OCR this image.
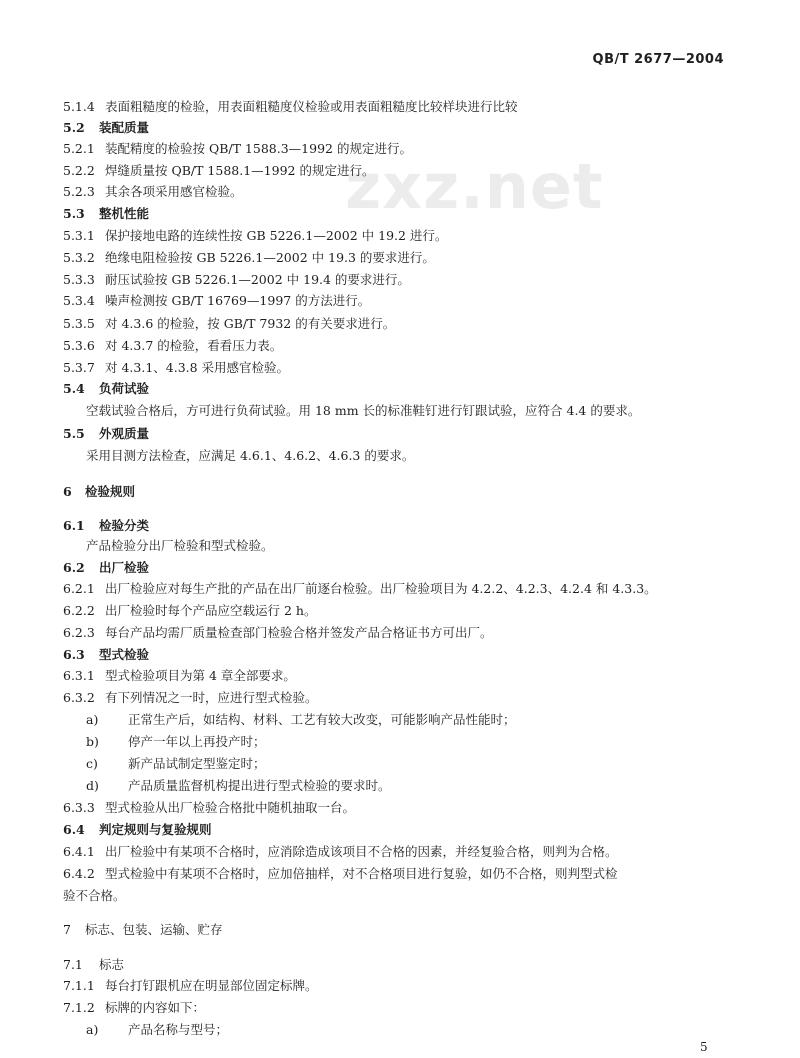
QB/T 2677—2004
zxz.net
5.1.4 表面粗糙度的检验，用表面粗糙度仪检验或用表面粗糙度比较样块进行比较
5.2 装配质量
5.2.1 装配精度的检验按 QB/T 1588.3—1992 的规定进行。
5.2.2 焊缝质量按 QB/T 1588.1—1992 的规定进行。
5.2.3 其余各项采用感官检验。
5.3 整机性能
5.3.1 保护接地电路的连续性按 GB 5226.1—2002 中 19.2 进行。
5.3.2 绝缘电阻检验按 GB 5226.1—2002 中 19.3 的要求进行。
5.3.3 耐压试验按 GB 5226.1—2002 中 19.4 的要求进行。
5.3.4 噪声检测按 GB/T 16769—1997 的方法进行。
5.3.5 对 4.3.6 的检验，按 GB/T 7932 的有关要求进行。
5.3.6 对 4.3.7 的检验，看看压力表。
5.3.7 对 4.3.1、4.3.8 采用感官检验。
5.4 负荷试验
空载试验合格后，方可进行负荷试验。用 18 mm 长的标准鞋钉进行钉跟试验，应符合 4.4 的要求。
5.5 外观质量
采用目测方法检查，应满足 4.6.1、4.6.2、4.6.3 的要求。
6 检验规则
6.1 检验分类
产品检验分出厂检验和型式检验。
6.2 出厂检验
6.2.1 出厂检验应对每生产批的产品在出厂前逐台检验。出厂检验项目为 4.2.2、4.2.3、4.2.4 和 4.3.3。
6.2.2 出厂检验时每个产品应空载运行 2 h。
6.2.3 每台产品均需厂质量检查部门检验合格并签发产品合格证书方可出厂。
6.3 型式检验
6.3.1 型式检验项目为第 4 章全部要求。
6.3.2 有下列情况之一时，应进行型式检验。
a) 正常生产后，如结构、材料、工艺有较大改变，可能影响产品性能时；
b) 停产一年以上再投产时；
c) 新产品试制定型鉴定时；
d) 产品质量监督机构提出进行型式检验的要求时。
6.3.3 型式检验从出厂检验合格批中随机抽取一台。
6.4 判定规则与复验规则
6.4.1 出厂检验中有某项不合格时，应消除造成该项目不合格的因素，并经复验合格，则判为合格。
6.4.2 型式检验中有某项不合格时，应加倍抽样，对不合格项目进行复验，如仍不合格，则判型式检
验不合格。
7 标志、包装、运输、贮存
7.1 标志
7.1.1 每台打钉跟机应在明显部位固定标牌。
7.1.2 标牌的内容如下：
a) 产品名称与型号；
5
